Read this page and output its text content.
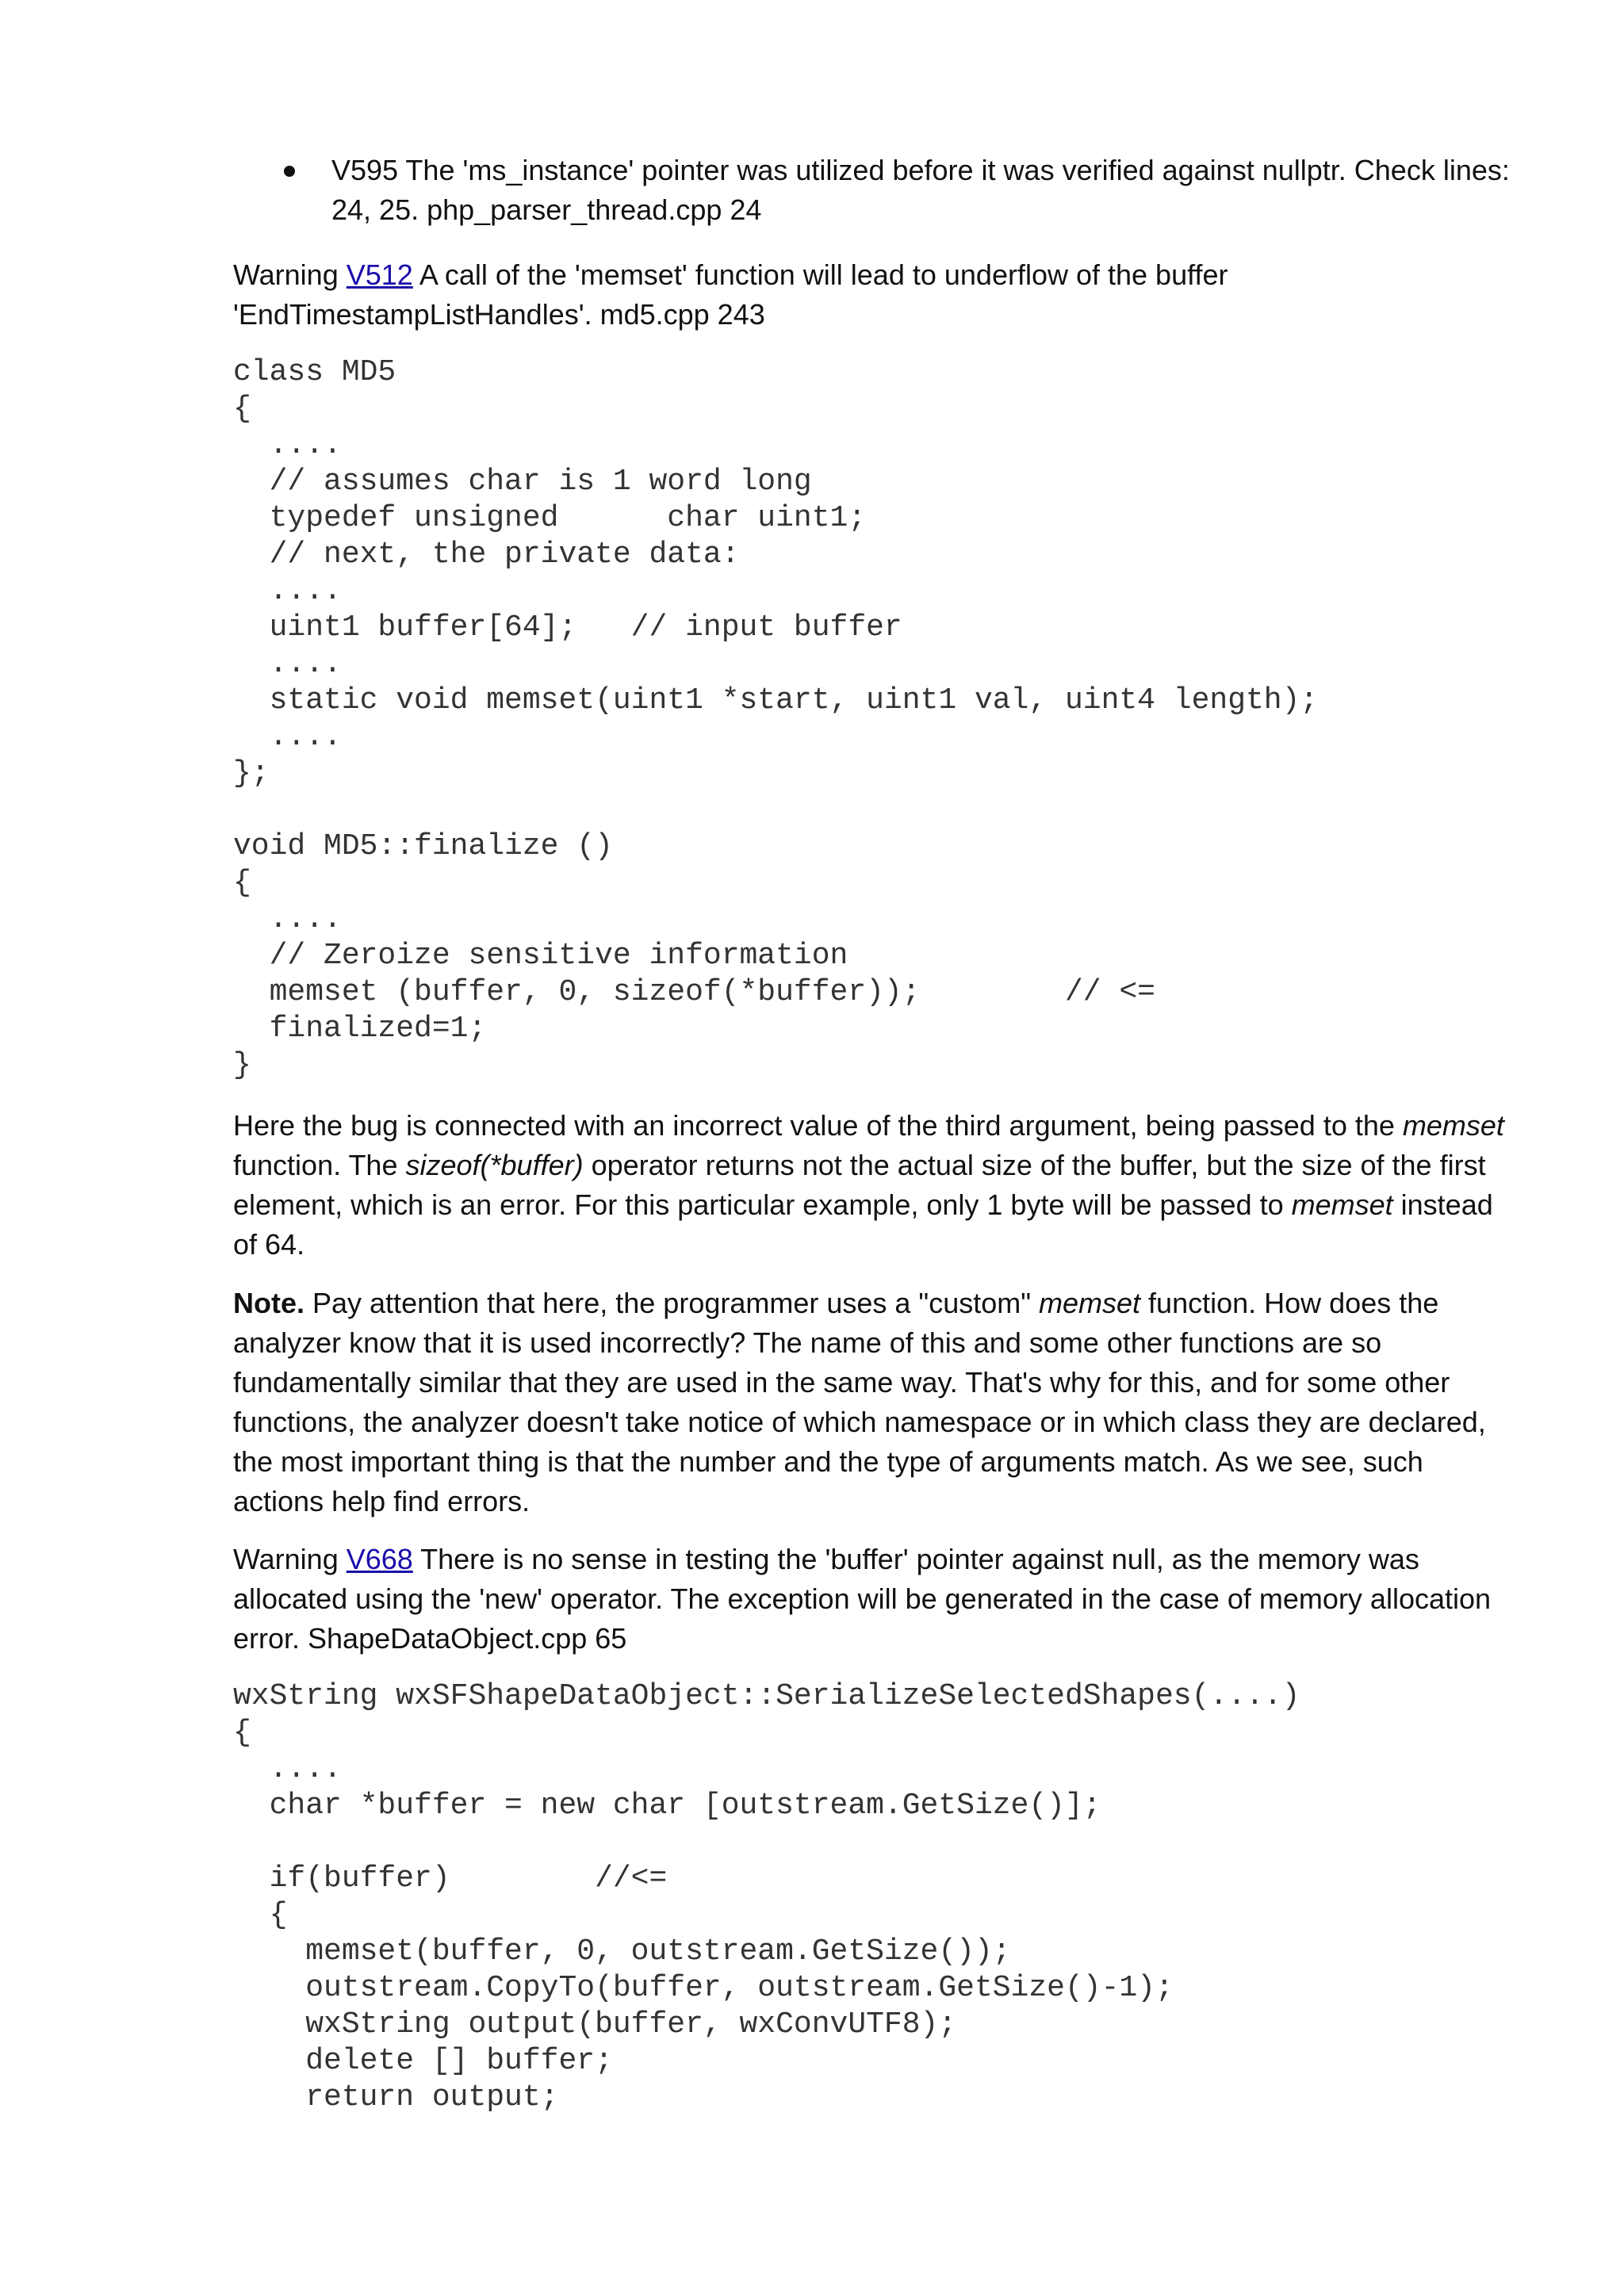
V595 The 'ms_instance' pointer was utilized before it was verified against nullptr. Check lines: 24, 25. php_parser_thread.cpp 24
Warning V512 A call of the 'memset' function will lead to underflow of the buffer 'EndTimestampListHandles'. md5.cpp 243
class MD5
{
....
// assumes char is 1 word long
typedef unsigned      char uint1;
// next, the private data:
....
uint1 buffer[64];   // input buffer
....
static void memset(uint1 *start, uint1 val, uint4 length);
....
};

void MD5::finalize ()
{
....
// Zeroize sensitive information
memset (buffer, 0, sizeof(*buffer));        // <=
finalized=1;
}
Here the bug is connected with an incorrect value of the third argument, being passed to the memset function. The sizeof(*buffer) operator returns not the actual size of the buffer, but the size of the first element, which is an error. For this particular example, only 1 byte will be passed to memset instead of 64.
Note. Pay attention that here, the programmer uses a "custom" memset function. How does the analyzer know that it is used incorrectly? The name of this and some other functions are so fundamentally similar that they are used in the same way. That's why for this, and for some other functions, the analyzer doesn't take notice of which namespace or in which class they are declared, the most important thing is that the number and the type of arguments match. As we see, such actions help find errors.
Warning V668 There is no sense in testing the 'buffer' pointer against null, as the memory was allocated using the 'new' operator. The exception will be generated in the case of memory allocation error. ShapeDataObject.cpp 65
wxString wxSFShapeDataObject::SerializeSelectedShapes(....)
{
....
char *buffer = new char [outstream.GetSize()];

if(buffer)        //<=
{
memset(buffer, 0, outstream.GetSize());
outstream.CopyTo(buffer, outstream.GetSize()-1);
wxString output(buffer, wxConvUTF8);
delete [] buffer;
return output;
